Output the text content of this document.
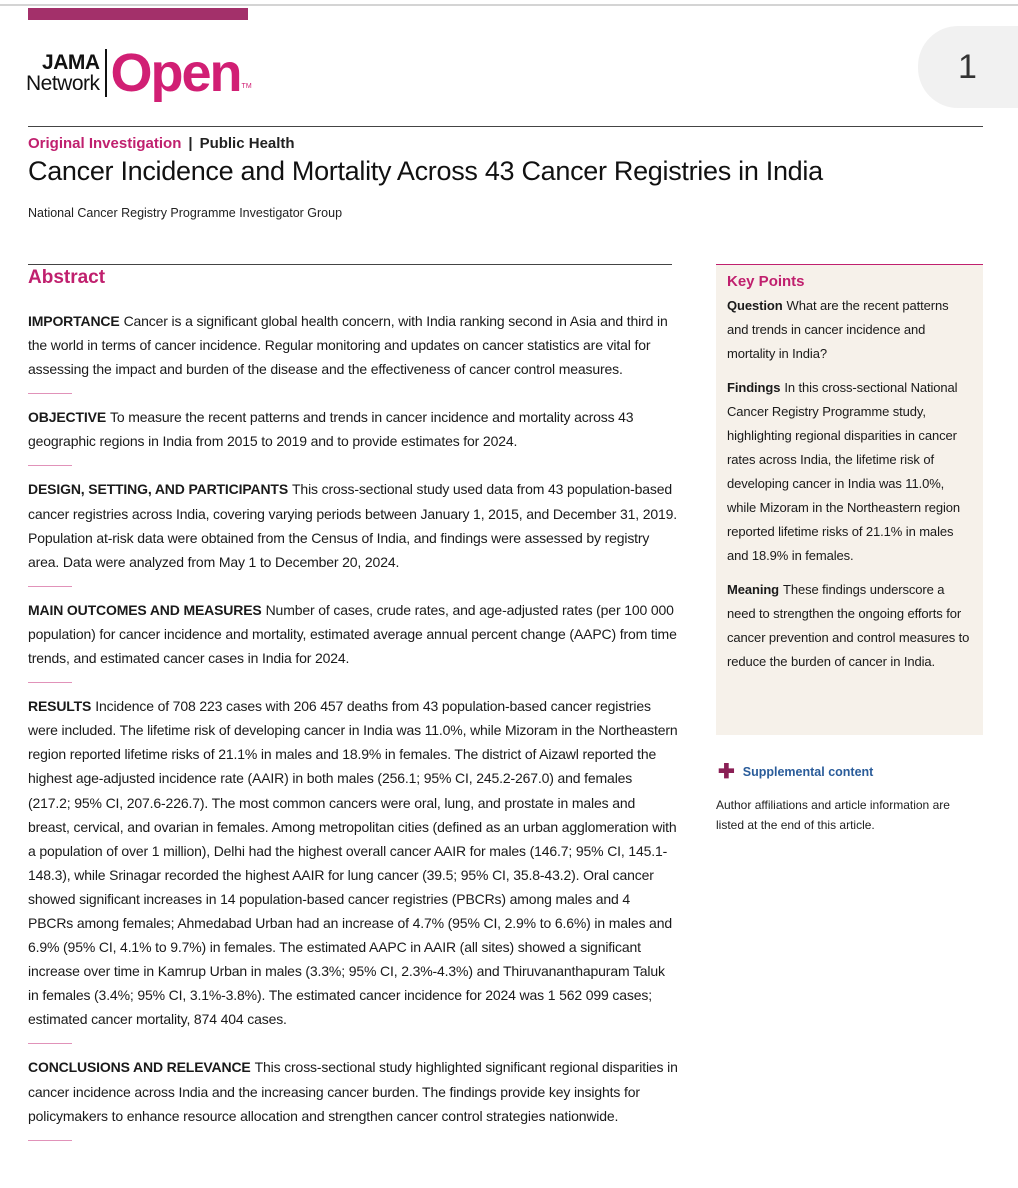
JAMA
Network Open TM
1
Original Investigation | Public Health
Cancer Incidence and Mortality Across 43 Cancer Registries in India
National Cancer Registry Programme Investigator Group
Abstract

IMPORTANCE Cancer is a significant global health concern, with India ranking second in Asia and third in the world in terms of cancer incidence. Regular monitoring and updates on cancer statistics are vital for assessing the impact and burden of the disease and the effectiveness of cancer control measures.

OBJECTIVE To measure the recent patterns and trends in cancer incidence and mortality across 43 geographic regions in India from 2015 to 2019 and to provide estimates for 2024.

DESIGN, SETTING, AND PARTICIPANTS This cross-sectional study used data from 43 population-based cancer registries across India, covering varying periods between January 1, 2015, and December 31, 2019. Population at-risk data were obtained from the Census of India, and findings were assessed by registry area. Data were analyzed from May 1 to December 20, 2024.

MAIN OUTCOMES AND MEASURES Number of cases, crude rates, and age-adjusted rates (per 100 000 population) for cancer incidence and mortality, estimated average annual percent change (AAPC) from time trends, and estimated cancer cases in India for 2024.

RESULTS Incidence of 708 223 cases with 206 457 deaths from 43 population-based cancer registries were included. The lifetime risk of developing cancer in India was 11.0%, while Mizoram in the Northeastern region reported lifetime risks of 21.1% in males and 18.9% in females. The district of Aizawl reported the highest age-adjusted incidence rate (AAIR) in both males (256.1; 95% CI, 245.2-267.0) and females (217.2; 95% CI, 207.6-226.7). The most common cancers were oral, lung, and prostate in males and breast, cervical, and ovarian in females. Among metropolitan cities (defined as an urban agglomeration with a population of over 1 million), Delhi had the highest overall cancer AAIR for males (146.7; 95% CI, 145.1-148.3), while Srinagar recorded the highest AAIR for lung cancer (39.5; 95% CI, 35.8-43.2). Oral cancer showed significant increases in 14 population-based cancer registries (PBCRs) among males and 4 PBCRs among females; Ahmedabad Urban had an increase of 4.7% (95% CI, 2.9% to 6.6%) in males and 6.9% (95% CI, 4.1% to 9.7%) in females. The estimated AAPC in AAIR (all sites) showed a significant increase over time in Kamrup Urban in males (3.3%; 95% CI, 2.3%-4.3%) and Thiruvananthapuram Taluk in females (3.4%; 95% CI, 3.1%-3.8%). The estimated cancer incidence for 2024 was 1 562 099 cases; estimated cancer mortality, 874 404 cases.

CONCLUSIONS AND RELEVANCE This cross-sectional study highlighted significant regional disparities in cancer incidence across India and the increasing cancer burden. The findings provide key insights for policymakers to enhance resource allocation and strengthen cancer control strategies nationwide.

Key Points

Question What are the recent patterns and trends in cancer incidence and mortality in India?

Findings In this cross-sectional National Cancer Registry Programme study, highlighting regional disparities in cancer rates across India, the lifetime risk of developing cancer in India was 11.0%, while Mizoram in the Northeastern region reported lifetime risks of 21.1% in males and 18.9% in females.

Meaning These findings underscore a need to strengthen the ongoing efforts for cancer prevention and control measures to reduce the burden of cancer in India.

✚ Supplemental content
Author affiliations and article information are listed at the end of this article.
